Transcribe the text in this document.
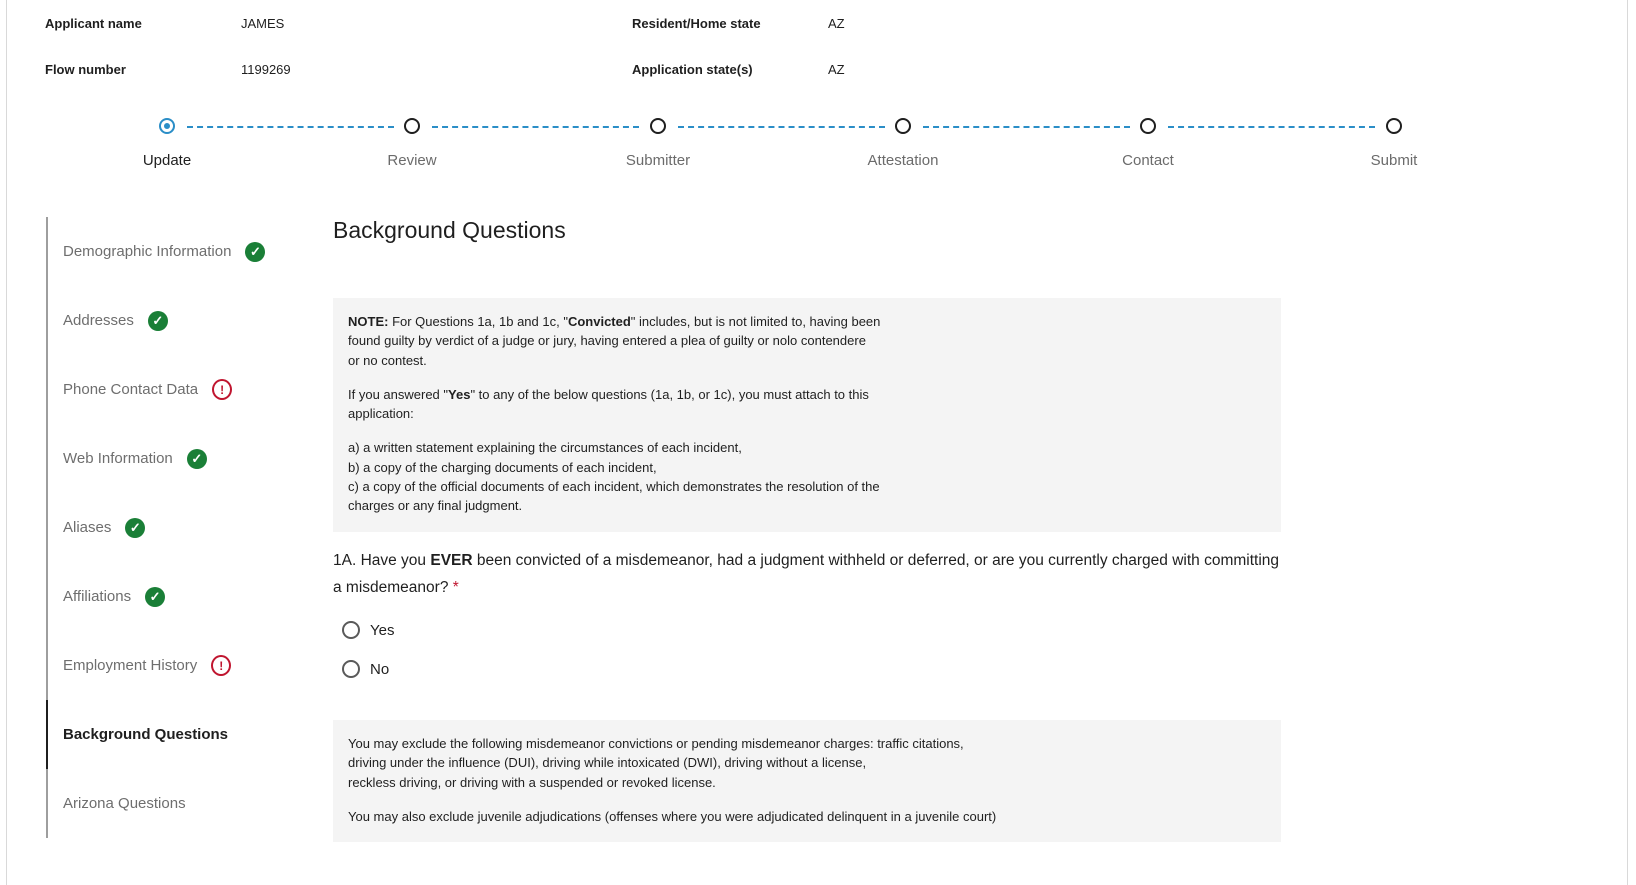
Applicant name	JAMES
Flow number	1199269
Resident/Home state	AZ
Application state(s)	AZ
Update	Review	Submitter	Attestation	Contact	Submit
Demographic Information	✓
Addresses	✓
Phone Contact Data	!
Web Information	✓
Aliases	✓
Affiliations	✓
Employment History	!
Background Questions
Arizona Questions
Background Questions

NOTE: For Questions 1a, 1b and 1c, "Convicted" includes, but is not limited to, having been
found guilty by verdict of a judge or jury, having entered a plea of guilty or nolo contendere
or no contest.

If you answered "Yes" to any of the below questions (1a, 1b, or 1c), you must attach to this
application:

a) a written statement explaining the circumstances of each incident,
b) a copy of the charging documents of each incident,
c) a copy of the official documents of each incident, which demonstrates the resolution of the
charges or any final judgment.

1A. Have you EVER been convicted of a misdemeanor, had a judgment withheld or deferred, or are you currently charged with committing a misdemeanor? *
Yes
No

You may exclude the following misdemeanor convictions or pending misdemeanor charges: traffic citations,
driving under the influence (DUI), driving while intoxicated (DWI), driving without a license,
reckless driving, or driving with a suspended or revoked license.

You may also exclude juvenile adjudications (offenses where you were adjudicated delinquent in a juvenile court)
